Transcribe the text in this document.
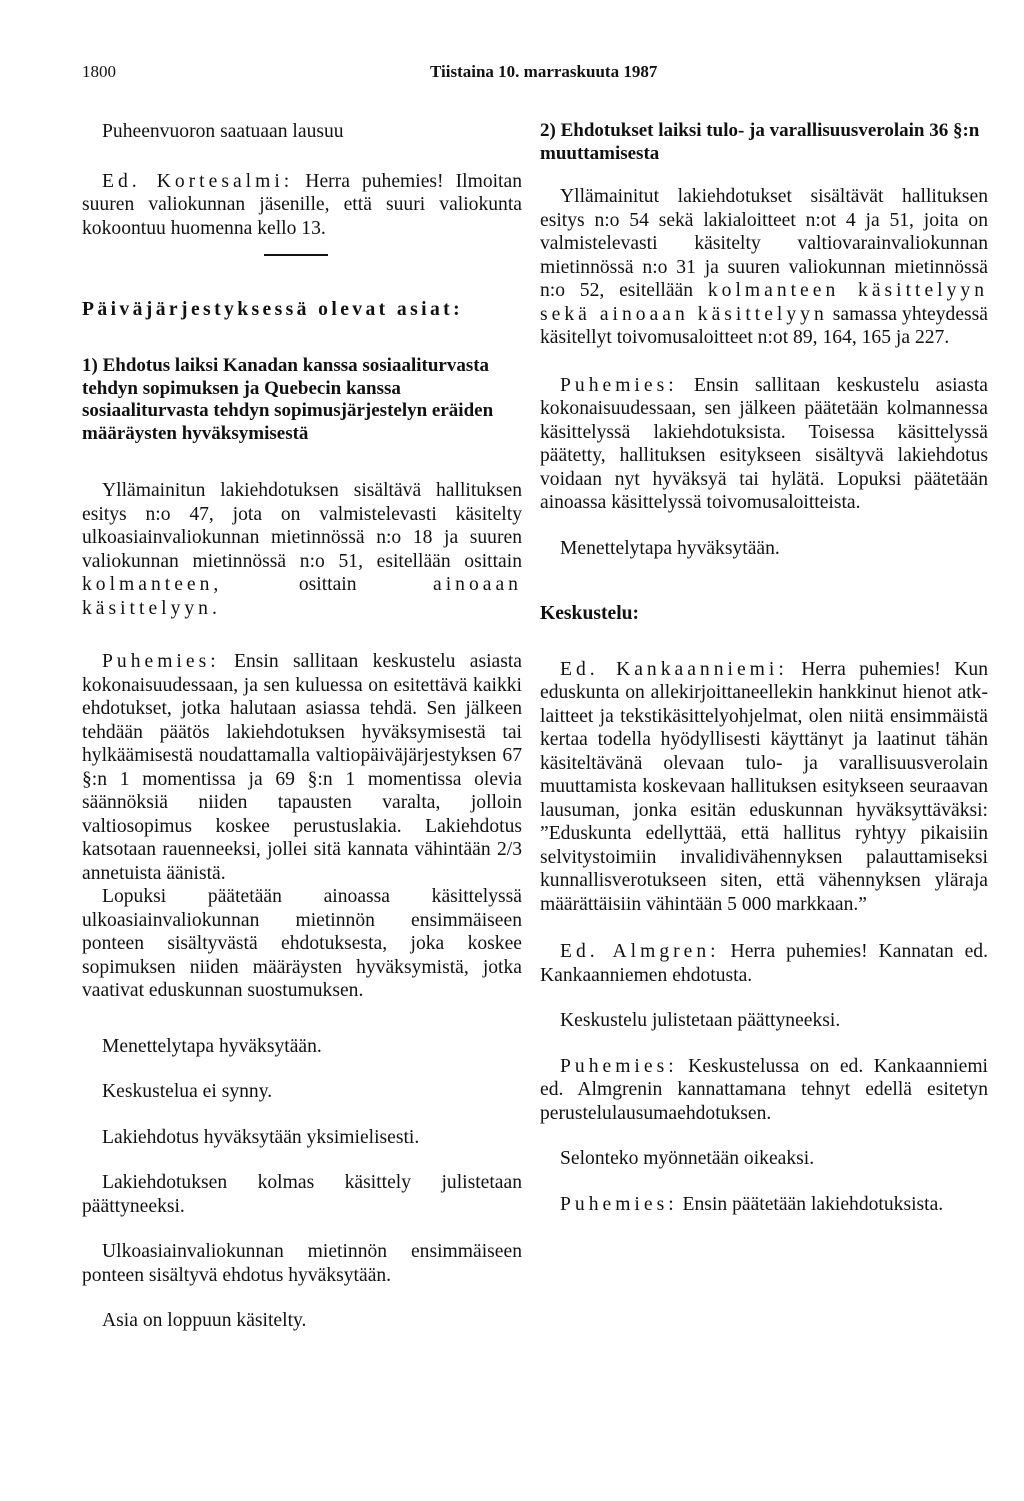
1800	Tiistaina 10. marraskuuta 1987

Puheenvuoron saatuaan lausuu

Ed. Kortesalmi: Herra puhemies! Ilmoitan suuren valiokunnan jäsenille, että suuri valiokunta kokoontuu huomenna kello 13.

Päiväjärjestyksessä olevat asiat:

1) Ehdotus laiksi Kanadan kanssa sosiaaliturvasta tehdyn sopimuksen ja Quebecin kanssa sosiaaliturvasta tehdyn sopimusjärjestelyn eräiden määräysten hyväksymisestä

Yllämainitun lakiehdotuksen sisältävä hallituksen esitys n:o 47, jota on valmistelevasti käsitelty ulkoasiainvaliokunnan mietinnössä n:o 18 ja suuren valiokunnan mietinnössä n:o 51, esitellään osittain kolmanteen,	osittain	ainoaan käsittelyyn.

Puhemies: Ensin sallitaan keskustelu asiasta kokonaisuudessaan, ja sen kuluessa on esitettävä kaikki ehdotukset, jotka halutaan asiassa tehdä. Sen jälkeen tehdään päätös lakiehdotuksen hyväksymisestä tai hylkäämisestä noudattamalla valtiopäiväjärjestyksen 67 §:n 1 momentissa ja 69 §:n 1 momentissa olevia säännöksiä niiden tapausten varalta, jolloin valtiosopimus koskee perustuslakia. Lakiehdotus katsotaan rauenneeksi, jollei sitä kannata vähintään 2/3 annetuista äänistä.

Lopuksi päätetään ainoassa käsittelyssä ulkoasiainvaliokunnan mietinnön ensimmäiseen ponteen sisältyvästä ehdotuksesta, joka koskee sopimuksen niiden määräysten hyväksymistä, jotka vaativat eduskunnan suostumuksen.

Menettelytapa hyväksytään.

Keskustelua ei synny.

Lakiehdotus hyväksytään yksimielisesti.

Lakiehdotuksen kolmas käsittely julistetaan päättyneeksi.

Ulkoasiainvaliokunnan mietinnön ensimmäiseen ponteen sisältyvä ehdotus hyväksytään.

Asia on loppuun käsitelty.

2) Ehdotukset laiksi tulo- ja varallisuusverolain 36 §:n muuttamisesta

Yllämainitut lakiehdotukset sisältävät hallituksen esitys n:o 54 sekä lakialoitteet n:ot 4 ja 51, joita on valmistelevasti käsitelty valtiovarainvaliokunnan mietinnössä n:o 31 ja suuren valiokunnan mietinnössä n:o 52, esitellään kolmanteen käsittelyyn sekä ainoaan käsittelyyn samassa yhteydessä käsitellyt toivomusaloitteet n:ot 89, 164, 165 ja 227.

Puhemies: Ensin sallitaan keskustelu asiasta kokonaisuudessaan, sen jälkeen päätetään kolmannessa käsittelyssä lakiehdotuksista. Toisessa käsittelyssä päätetty, hallituksen esitykseen sisältyvä lakiehdotus voidaan nyt hyväksyä tai hylätä. Lopuksi päätetään ainoassa käsittelyssä toivomusaloitteista.

Menettelytapa hyväksytään.

Keskustelu:

Ed. Kankaanniemi: Herra puhemies! Kun eduskunta on allekirjoittaneellekin hankkinut hienot atk-laitteet ja tekstikäsittelyohjelmat, olen niitä ensimmäistä kertaa todella hyödyllisesti käyttänyt ja laatinut tähän käsiteltävänä olevaan tulo- ja varallisuusverolain muuttamista koskevaan hallituksen esitykseen seuraavan lausuman, jonka esitän eduskunnan hyväksyttäväksi: ”Eduskunta edellyttää, että hallitus ryhtyy pikaisiin selvitystoimiin invalidivähennyksen palauttamiseksi kunnallisverotukseen siten, että vähennyksen yläraja määrättäisiin vähintään 5 000 markkaan.”

Ed. Almgren: Herra puhemies! Kannatan ed. Kankaanniemen ehdotusta.

Keskustelu julistetaan päättyneeksi.

Puhemies: Keskustelussa on ed. Kankaanniemi ed. Almgrenin kannattamana tehnyt edellä esitetyn perustelulausumaehdotuksen.

Selonteko myönnetään oikeaksi.

Puhemies: Ensin päätetään lakiehdotuksista.
